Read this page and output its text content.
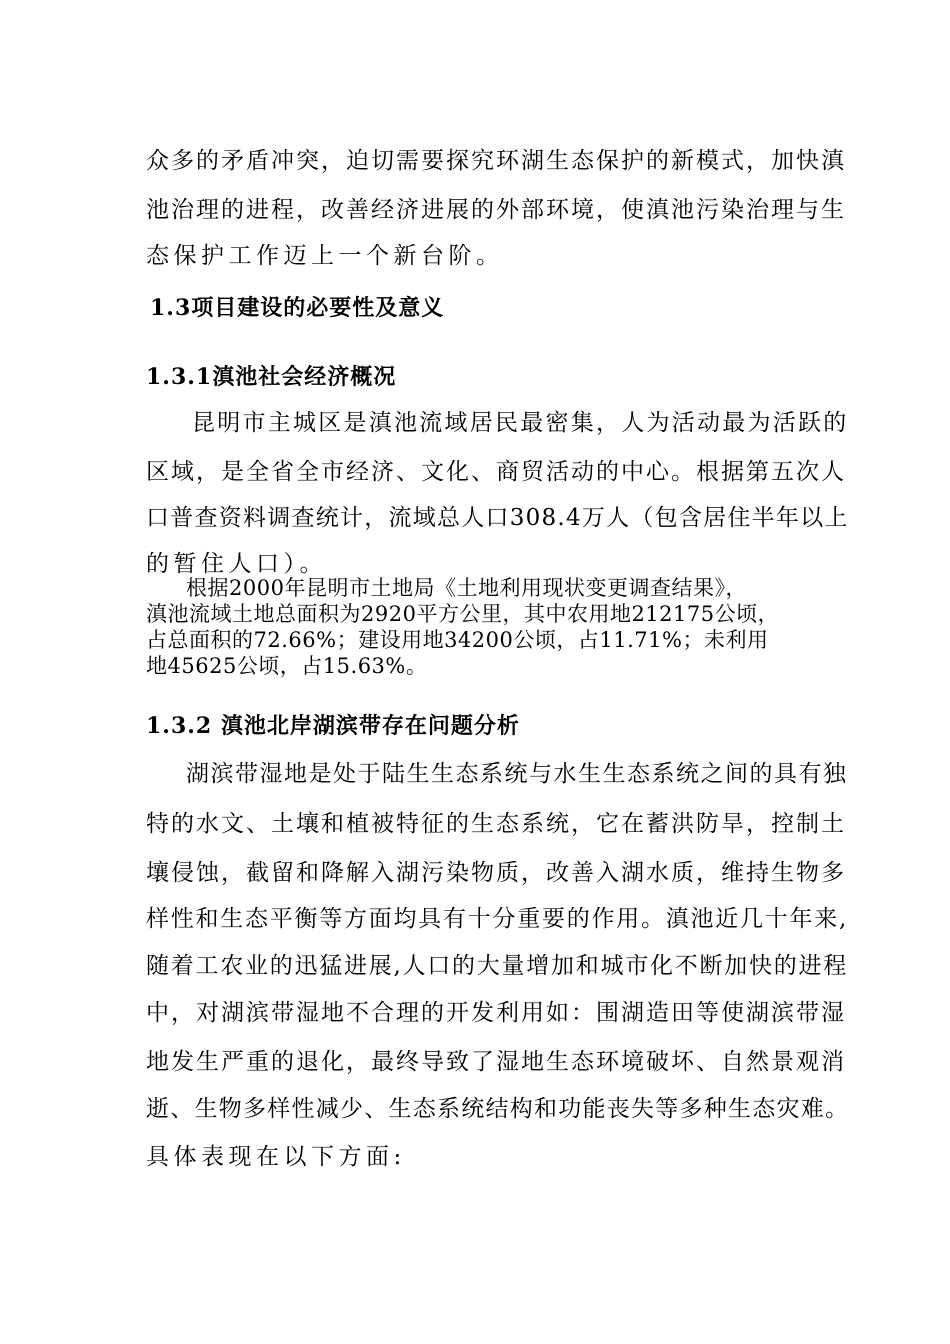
众多的矛盾冲突，迫切需要探究环湖生态保护的新模式，加快滇
池治理的进程，改善经济进展的外部环境，使滇池污染治理与生
态保护工作迈上一个新台阶。
1.3项目建设的必要性及意义
1.3.1滇池社会经济概况
昆明市主城区是滇池流域居民最密集，人为活动最为活跃的
区域，是全省全市经济、文化、商贸活动的中心。根据第五次人
口普查资料调查统计，流域总人口308.4万人（包含居住半年以上
的暂住人口）。
根据2000年昆明市土地局《土地利用现状变更调查结果》，
滇池流域土地总面积为2920平方公里，其中农用地212175公顷，
占总面积的72.66%；建设用地34200公顷，占11.71%；未利用
地45625公顷，占15.63%。
1.3.2 滇池北岸湖滨带存在问题分析
湖滨带湿地是处于陆生生态系统与水生生态系统之间的具有独
特的水文、土壤和植被特征的生态系统，它在蓄洪防旱，控制土
壤侵蚀，截留和降解入湖污染物质，改善入湖水质，维持生物多
样性和生态平衡等方面均具有十分重要的作用。滇池近几十年来,
随着工农业的迅猛进展,人口的大量增加和城市化不断加快的进程
中，对湖滨带湿地不合理的开发利用如：围湖造田等使湖滨带湿
地发生严重的退化，最终导致了湿地生态环境破坏、自然景观消
逝、生物多样性减少、生态系统结构和功能丧失等多种生态灾难。
具体表现在以下方面:
